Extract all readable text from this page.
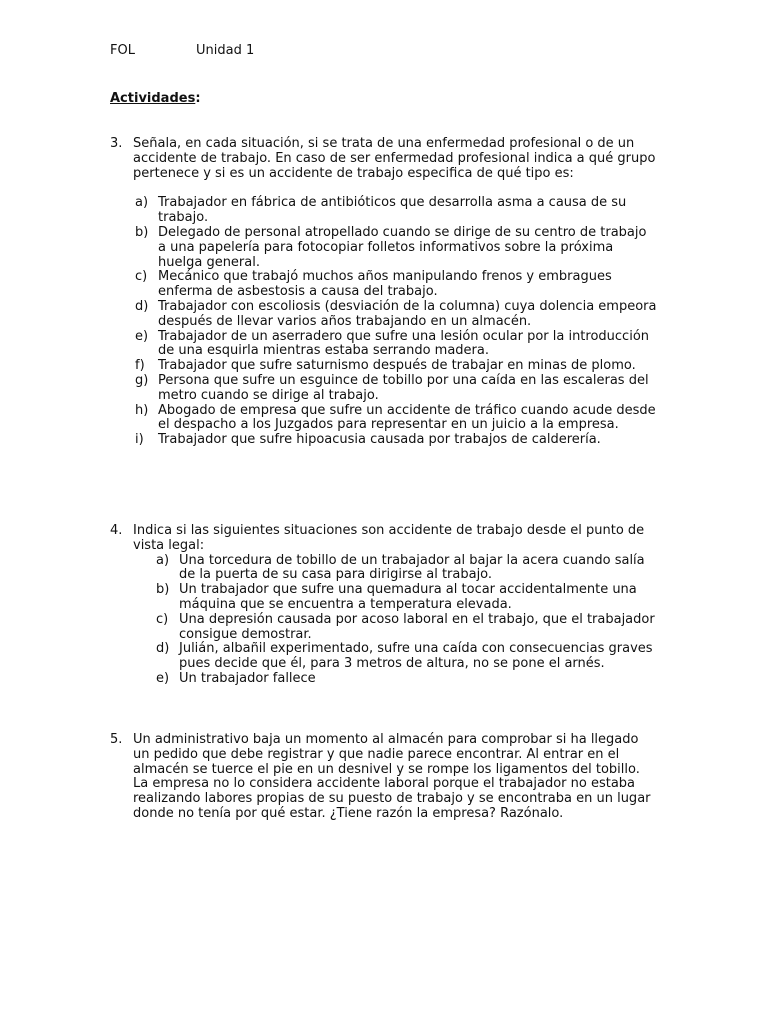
FOL	Unidad 1
Actividades:
3. Señala, en cada situación, si se trata de una enfermedad profesional o de un accidente de trabajo. En caso de ser enfermedad profesional indica a qué grupo pertenece y si es un accidente de trabajo especifica de qué tipo es:
a) Trabajador en fábrica de antibióticos que desarrolla asma a causa de su trabajo.
b) Delegado de personal atropellado cuando se dirige de su centro de trabajo a una papelería para fotocopiar folletos informativos sobre la próxima huelga general.
c) Mecánico que trabajó muchos años manipulando frenos y embragues enferma de asbestosis a causa del trabajo.
d) Trabajador con escoliosis (desviación de la columna) cuya dolencia empeora después de llevar varios años trabajando en un almacén.
e) Trabajador de un aserradero que sufre una lesión ocular por la introducción de una esquirla mientras estaba serrando madera.
f) Trabajador que sufre saturnismo después de trabajar en minas de plomo.
g) Persona que sufre un esguince de tobillo por una caída en las escaleras del metro cuando se dirige al trabajo.
h) Abogado de empresa que sufre un accidente de tráfico cuando acude desde el despacho a los Juzgados para representar en un juicio a la empresa.
i) Trabajador que sufre hipoacusia causada por trabajos de calderería.
4. Indica si las siguientes situaciones son accidente de trabajo desde el punto de vista legal:
a) Una torcedura de tobillo de un trabajador al bajar la acera cuando salía de la puerta de su casa para dirigirse al trabajo.
b) Un trabajador que sufre una quemadura al tocar accidentalmente una máquina que se encuentra a temperatura elevada.
c) Una depresión causada por acoso laboral en el trabajo, que el trabajador consigue demostrar.
d) Julián, albañil experimentado, sufre una caída con consecuencias graves pues decide que él, para 3 metros de altura, no se pone el arnés.
e) Un trabajador fallece
5. Un administrativo baja un momento al almacén para comprobar si ha llegado un pedido que debe registrar y que nadie parece encontrar. Al entrar en el almacén se tuerce el pie en un desnivel y se rompe los ligamentos del tobillo. La empresa no lo considera accidente laboral porque el trabajador no estaba realizando labores propias de su puesto de trabajo y se encontraba en un lugar donde no tenía por qué estar. ¿Tiene razón la empresa? Razónalo.
